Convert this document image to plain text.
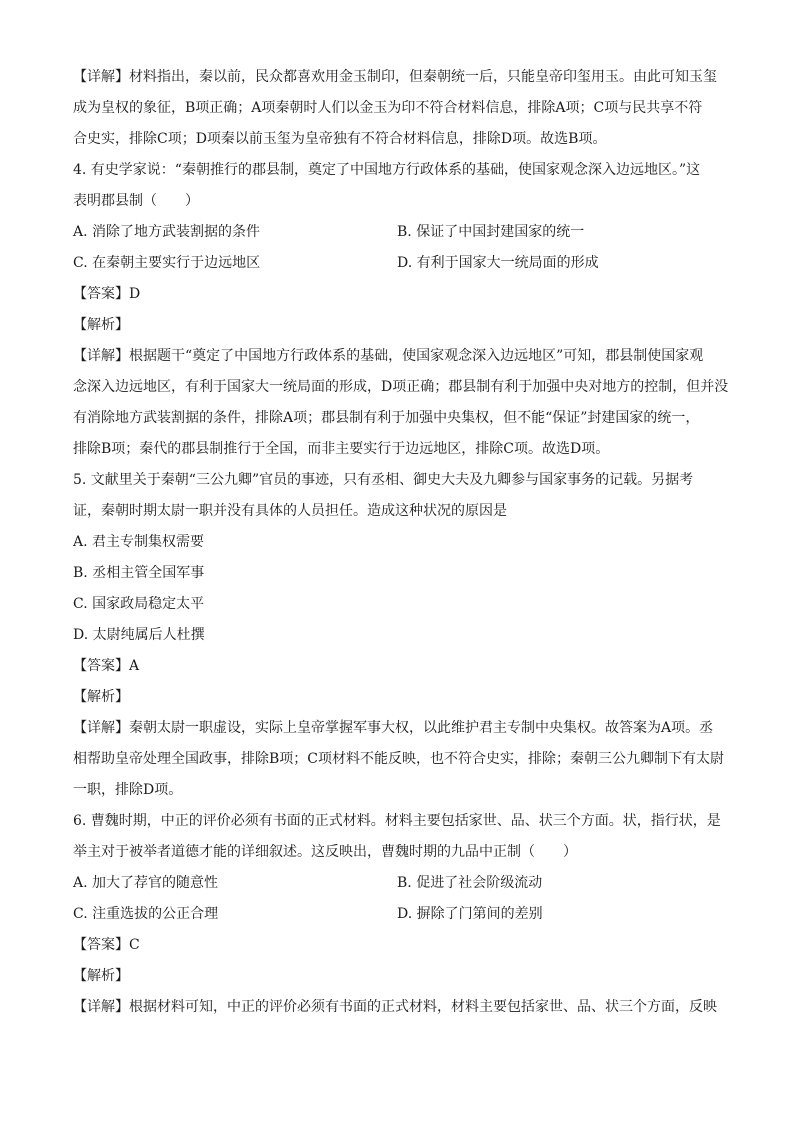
【详解】材料指出，秦以前，民众都喜欢用金玉制印，但秦朝统一后，只能皇帝印玺用玉。由此可知玉玺
成为皇权的象征，B项正确；A项秦朝时人们以金玉为印不符合材料信息，排除A项；C项与民共享不符
合史实，排除C项；D项秦以前玉玺为皇帝独有不符合材料信息，排除D项。故选B项。
4. 有史学家说：“秦朝推行的郡县制，奠定了中国地方行政体系的基础，使国家观念深入边远地区。”这
表明郡县制（　　）
A. 消除了地方武装割据的条件	B. 保证了中国封建国家的统一
C. 在秦朝主要实行于边远地区	D. 有利于国家大一统局面的形成
【答案】D
【解析】
【详解】根据题干“奠定了中国地方行政体系的基础，使国家观念深入边远地区”可知，郡县制使国家观
念深入边远地区，有利于国家大一统局面的形成，D项正确；郡县制有利于加强中央对地方的控制，但并没
有消除地方武装割据的条件，排除A项；郡县制有利于加强中央集权，但不能“保证”封建国家的统一，
排除B项；秦代的郡县制推行于全国，而非主要实行于边远地区，排除C项。故选D项。
5. 文献里关于秦朝“三公九卿”官员的事迹，只有丞相、御史大夫及九卿参与国家事务的记载。另据考
证，秦朝时期太尉一职并没有具体的人员担任。造成这种状况的原因是
A. 君主专制集权需要
B. 丞相主管全国军事
C. 国家政局稳定太平
D. 太尉纯属后人杜撰
【答案】A
【解析】
【详解】秦朝太尉一职虚设，实际上皇帝掌握军事大权，以此维护君主专制中央集权。故答案为A项。丞
相帮助皇帝处理全国政事，排除B项；C项材料不能反映，也不符合史实，排除；秦朝三公九卿制下有太尉
一职，排除D项。
6. 曹魏时期，中正的评价必须有书面的正式材料。材料主要包括家世、品、状三个方面。状，指行状，是
举主对于被举者道德才能的详细叙述。这反映出，曹魏时期的九品中正制（　　）
A. 加大了荐官的随意性	B. 促进了社会阶级流动
C. 注重选拔的公正合理	D. 摒除了门第间的差别
【答案】C
【解析】
【详解】根据材料可知，中正的评价必须有书面的正式材料，材料主要包括家世、品、状三个方面，反映
